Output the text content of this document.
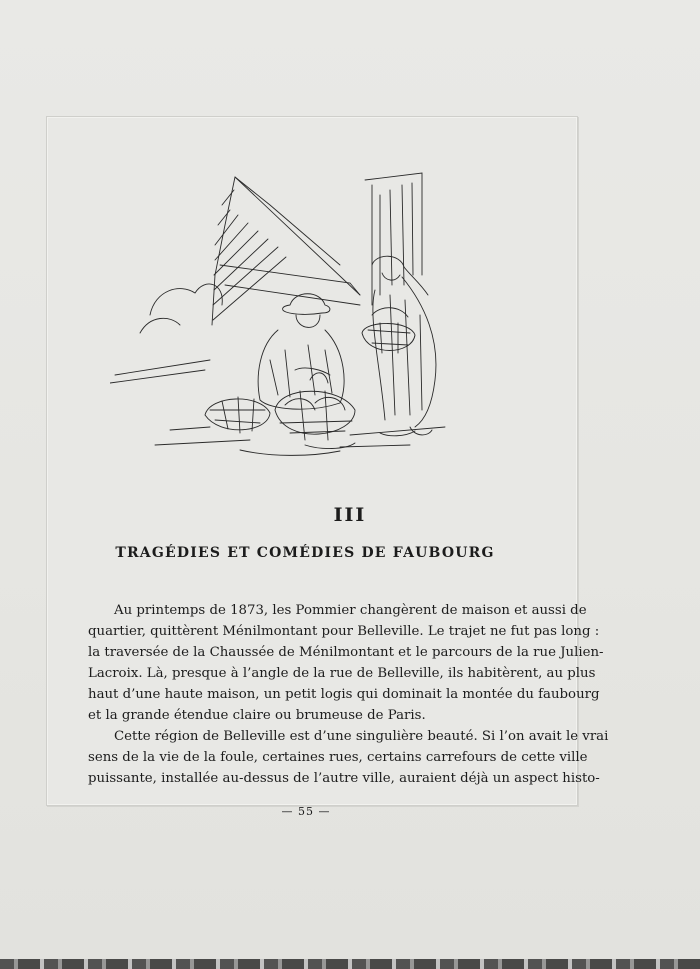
III
TRAGÉDIES ET COMÉDIES DE FAUBOURG
Au printemps de 1873, les Pommier changèrent de maison et aussi de
quartier, quittèrent Ménilmontant pour Belleville. Le trajet ne fut pas long :
la traversée de la Chaussée de Ménilmontant et le parcours de la rue Julien-
Lacroix. Là, presque à l’angle de la rue de Belleville, ils habitèrent, au plus
haut d’une haute maison, un petit logis qui dominait la montée du faubourg
et la grande étendue claire ou brumeuse de Paris.
Cette région de Belleville est d’une singulière beauté. Si l’on avait le vrai
sens de la vie de la foule, certaines rues, certains carrefours de cette ville
puissante, installée au-dessus de l’autre ville, auraient déjà un aspect histo-
— 55 —
